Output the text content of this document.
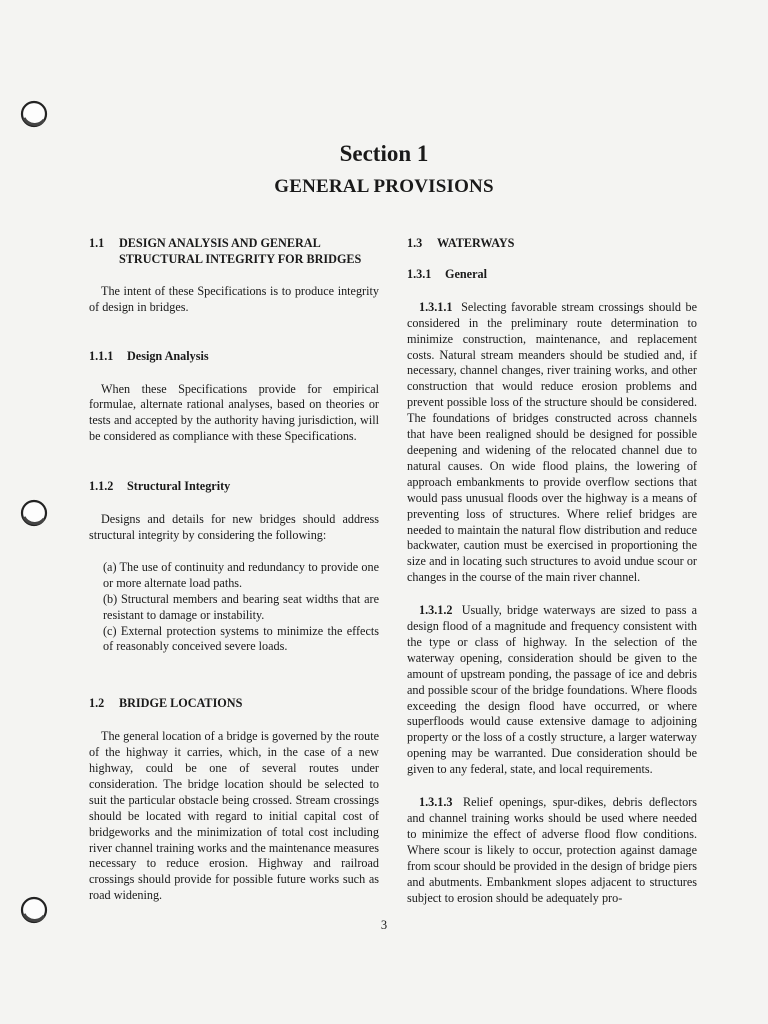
Section 1
GENERAL PROVISIONS
1.1	DESIGN ANALYSIS AND GENERAL STRUCTURAL INTEGRITY FOR BRIDGES

The intent of these Specifications is to produce integrity of design in bridges.

1.1.1	Design Analysis

When these Specifications provide for empirical formulae, alternate rational analyses, based on theories or tests and accepted by the authority having jurisdiction, will be considered as compliance with these Specifications.

1.1.2	Structural Integrity

Designs and details for new bridges should address structural integrity by considering the following:

(a) The use of continuity and redundancy to provide one or more alternate load paths.

(b) Structural members and bearing seat widths that are resistant to damage or instability.

(c) External protection systems to minimize the effects of reasonably conceived severe loads.

1.2	BRIDGE LOCATIONS

The general location of a bridge is governed by the route of the highway it carries, which, in the case of a new highway, could be one of several routes under consideration. The bridge location should be selected to suit the particular obstacle being crossed. Stream crossings should be located with regard to initial capital cost of bridgeworks and the minimization of total cost including river channel training works and the maintenance measures necessary to reduce erosion. Highway and railroad crossings should provide for possible future works such as road widening.

1.3	WATERWAYS
1.3.1	General

1.3.1.1 Selecting favorable stream crossings should be considered in the preliminary route determination to minimize construction, maintenance, and replacement costs. Natural stream meanders should be studied and, if necessary, channel changes, river training works, and other construction that would reduce erosion problems and prevent possible loss of the structure should be considered. The foundations of bridges constructed across channels that have been realigned should be designed for possible deepening and widening of the relocated channel due to natural causes. On wide flood plains, the lowering of approach embankments to provide overflow sections that would pass unusual floods over the highway is a means of preventing loss of structures. Where relief bridges are needed to maintain the natural flow distribution and reduce backwater, caution must be exercised in proportioning the size and in locating such structures to avoid undue scour or changes in the course of the main river channel.

1.3.1.2 Usually, bridge waterways are sized to pass a design flood of a magnitude and frequency consistent with the type or class of highway. In the selection of the waterway opening, consideration should be given to the amount of upstream ponding, the passage of ice and debris and possible scour of the bridge foundations. Where floods exceeding the design flood have occurred, or where superfloods would cause extensive damage to adjoining property or the loss of a costly structure, a larger waterway opening may be warranted. Due consideration should be given to any federal, state, and local requirements.

1.3.1.3 Relief openings, spur-dikes, debris deflectors and channel training works should be used where needed to minimize the effect of adverse flood flow conditions. Where scour is likely to occur, protection against damage from scour should be provided in the design of bridge piers and abutments. Embankment slopes adjacent to structures subject to erosion should be adequately pro-

3
